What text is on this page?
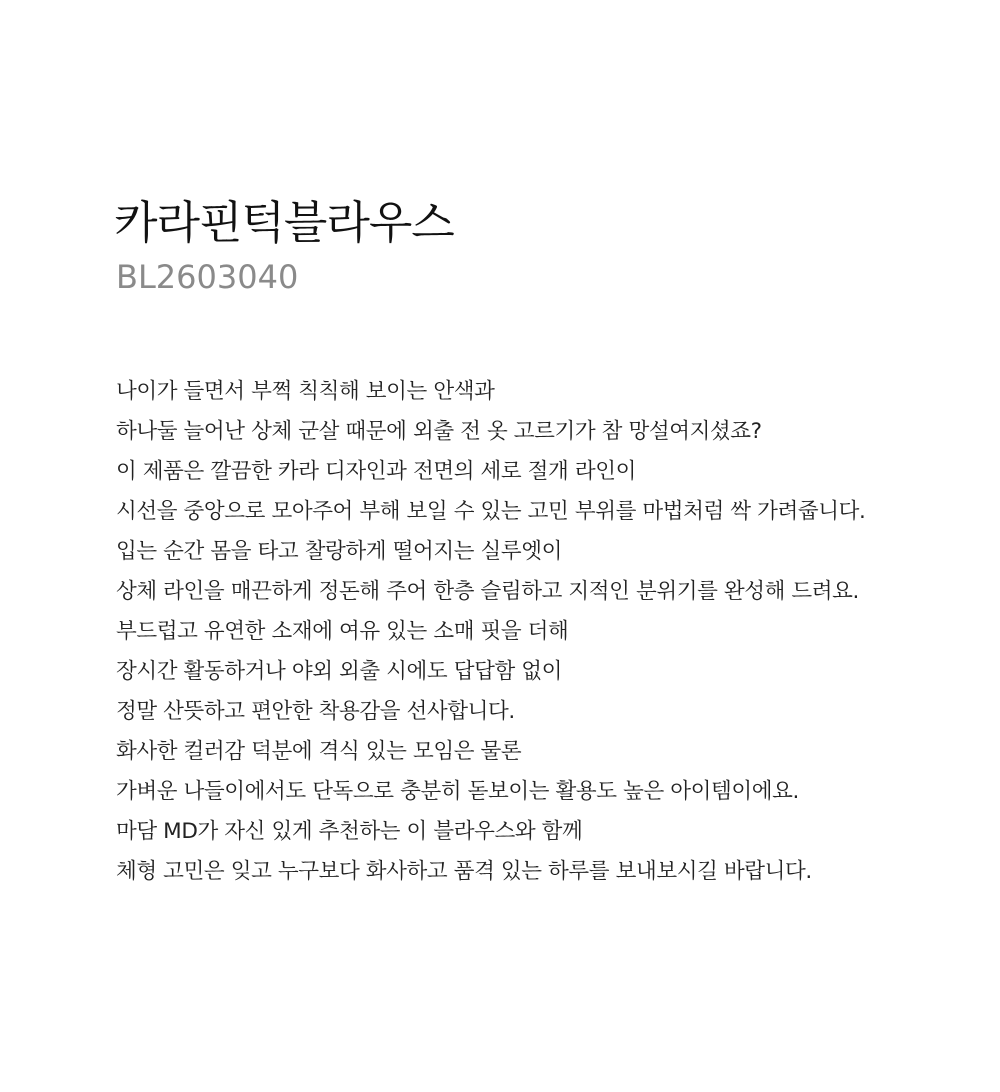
카라핀턱블라우스
BL2603040
나이가 들면서 부쩍 칙칙해 보이는 안색과
하나둘 늘어난 상체 군살 때문에 외출 전 옷 고르기가 참 망설여지셨죠?
이 제품은 깔끔한 카라 디자인과 전면의 세로 절개 라인이
시선을 중앙으로 모아주어 부해 보일 수 있는 고민 부위를 마법처럼 싹 가려줍니다.
입는 순간 몸을 타고 찰랑하게 떨어지는 실루엣이
상체 라인을 매끈하게 정돈해 주어 한층 슬림하고 지적인 분위기를 완성해 드려요.
부드럽고 유연한 소재에 여유 있는 소매 핏을 더해
장시간 활동하거나 야외 외출 시에도 답답함 없이
정말 산뜻하고 편안한 착용감을 선사합니다.
화사한 컬러감 덕분에 격식 있는 모임은 물론
가벼운 나들이에서도 단독으로 충분히 돋보이는 활용도 높은 아이템이에요.
마담 MD가 자신 있게 추천하는 이 블라우스와 함께
체형 고민은 잊고 누구보다 화사하고 품격 있는 하루를 보내보시길 바랍니다.
